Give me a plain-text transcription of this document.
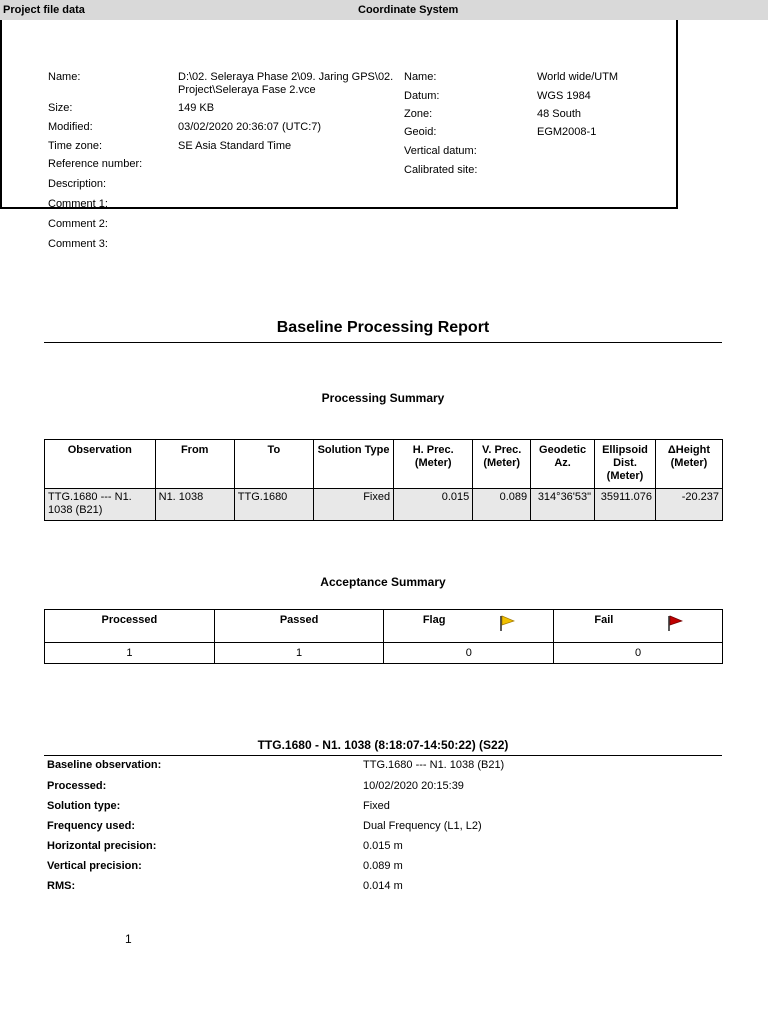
Project file data	Coordinate System
Name:	D:\02. Seleraya Phase 2\09. Jaring GPS\02.
Project\Seleraya Fase 2.vce
Size:	149 KB
Modified:	03/02/2020 20:36:07 (UTC:7)
Time zone:	SE Asia Standard Time
Reference number:
Description:
Comment 1:
Comment 2:
Comment 3:
Name:	World wide/UTM
Datum:	WGS 1984
Zone:	48 South
Geoid:	EGM2008-1
Vertical datum:
Calibrated site:
Baseline Processing Report
Processing Summary
Observation	From	To	Solution Type	H. Prec. (Meter)	V. Prec. (Meter)	Geodetic Az.	Ellipsoid Dist. (Meter)	ΔHeight (Meter)
TTG.1680 --- N1. 1038 (B21)	N1. 1038	TTG.1680	Fixed	0.015	0.089	314°36'53"	35911.076	-20.237
Acceptance Summary
Processed	Passed	Flag		Fail	
1	1	0		0	
TTG.1680 - N1. 1038 (8:18:07-14:50:22) (S22)
Baseline observation:	TTG.1680 --- N1. 1038 (B21)
Processed:	10/02/2020 20:15:39
Solution type:	Fixed
Frequency used:	Dual Frequency (L1, L2)
Horizontal precision:	0.015 m
Vertical precision:	0.089 m
RMS:	0.014 m
1
